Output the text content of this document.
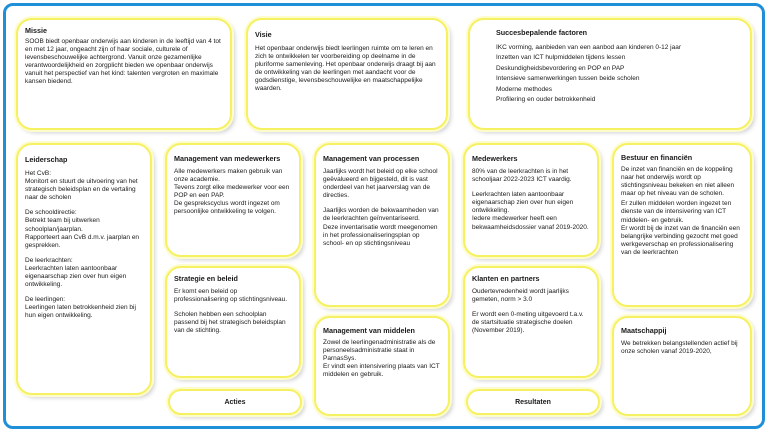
Missie

SOOB biedt openbaar onderwijs aan kinderen in de leeftijd van 4 tot en met 12 jaar, ongeacht zijn of haar sociale, culturele of levensbeschouwelijke achtergrond. Vanuit onze gezamenlijke verantwoordelijkheid en zorgplicht bieden we openbaar onderwijs vanuit het perspectief van het kind: talenten vergroten en maximale kansen biedend.

Visie

Het openbaar onderwijs biedt leerlingen ruimte om te leren en zich te ontwikkelen ter voorbereiding op deelname in de pluriforme samenleving. Het openbaar onderwijs draagt bij aan de ontwikkeling van de leerlingen met aandacht voor de godsdienstige, levensbeschouwelijke en maatschappelijke waarden.

Succesbepalende factoren

IKC vorming, aanbieden van een aanbod aan kinderen 0-12 jaar

Inzetten van ICT hulpmiddelen tijdens lessen

Deskundigheidsbevordering en POP en PAP

Intensieve samenwerkingen tussen beide scholen

Moderne methodes

Profilering en ouder betrokkenheid

Leiderschap

Het CvB:

Monitort en stuurt de uitvoering van het strategisch beleidsplan en de vertaling naar de scholen

De schooldirectie:

Betrekt team bij uitwerken schoolplan/jaarplan.

Rapporteert aan CvB d.m.v. jaarplan en gesprekken.

De leerkrachten:

Leerkrachten laten aantoonbaar eigenaarschap zien over hun eigen ontwikkeling.

De leerlingen:

Leerlingen laten betrokkenheid zien bij hun eigen ontwikkeling.

Management van medewerkers

Alle medewerkers maken gebruik van onze academie.

Tevens zorgt elke medewerker voor een POP en een PAP.

De gesprekscyclus wordt ingezet om persoonlijke ontwikkeling te volgen.

Strategie en beleid

Er komt een beleid op professionalisering op stichtingsniveau.

Scholen hebben een schoolplan passend bij het strategisch beleidsplan van de stichting.

Acties
Management van processen

Jaarlijks wordt het beleid op elke school geëvalueerd en bijgesteld, dit is vast onderdeel van het jaarverslag van de directies.

Jaarlijks worden de bekwaamheden van de leerkrachten geïnventariseerd.

Deze inventarisatie wordt meegenomen in het professionaliseringsplan op school- en op stichtingsniveau

Management van middelen

Zowel de leerlingenadministratie als de personeelsadministratie staat in ParnasSys.

Er vindt een intensivering plaats van ICT middelen en gebruik.

Medewerkers

80% van de leerkrachten is in het schooljaar 2022-2023 ICT vaardig.

Leerkrachten laten aantoonbaar eigenaarschap zien over hun eigen ontwikkeling.

Iedere medewerker heeft een bekwaamheidsdossier vanaf 2019-2020.

Klanten en partners

Oudertevredenheid wordt jaarlijks gemeten, norm > 3.0

Er wordt een 0-meting uitgevoerd t.a.v. de startsituatie strategische doelen (November 2019).

Resultaten
Bestuur en financiën

De inzet van financiën en de koppeling naar het onderwijs wordt op stichtingsniveau bekeken en niet alleen maar op het niveau van de scholen.

Er zullen middelen worden ingezet ten dienste van de intensivering van ICT middelen- en gebruik.

Er wordt bij de inzet van de financiën een belangrijke verbinding gezocht met goed werkgeverschap en professionalisering van de leerkrachten

Maatschappij

We betrekken belangstellenden actief bij onze scholen vanaf 2019-2020,
